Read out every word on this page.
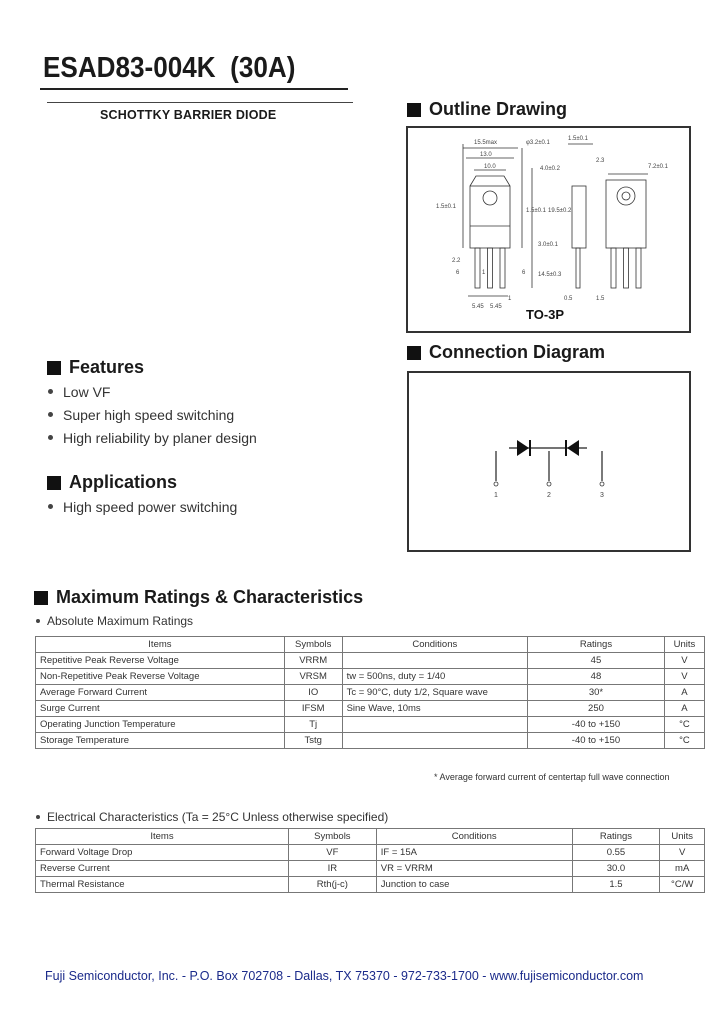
ESAD83-004K (30A)
SCHOTTKY BARRIER DIODE	Outline Drawing
15.5max
13.0
10.0
φ3.2±0.1
1.5±0.1
2.3
7.2±0.1
1.5±0.1
4.0±0.2
1.5±0.1 19.5±0.2
3.0±0.1
14.5±0.3
2.2
6	1
1
6
5.45 5.45
0.5	1.5
TO-3P
Connection Diagram
1	2	3
Features
Low VF
Super high speed switching
High reliability by planer design
Applications
High speed power switching
Maximum Ratings & Characteristics
Absolute Maximum Ratings
Items	Symbols	Conditions	Ratings	Units
Repetitive Peak Reverse Voltage	VRRM		45	V
Non-Repetitive Peak Reverse Voltage	VRSM	tw = 500ns, duty = 1/40	48	V
Average Forward Current	IO	Tc = 90°C, duty 1/2, Square wave	30*	A
Surge Current	IFSM	Sine Wave, 10ms	250	A
Operating Junction Temperature	Tj		-40 to +150	°C
Storage Temperature	Tstg		-40 to +150	°C
* Average forward current of centertap full wave connection
Electrical Characteristics (Ta = 25°C Unless otherwise specified)
Items	Symbols	Conditions	Ratings	Units
Forward Voltage Drop	VF	IF = 15A	0.55	V
Reverse Current	IR	VR = VRRM	30.0	mA
Thermal Resistance	Rth(j-c)	Junction to case	1.5	°C/W
Fuji Semiconductor, Inc. - P.O. Box 702708 - Dallas, TX 75370 - 972-733-1700 - www.fujisemiconductor.com
